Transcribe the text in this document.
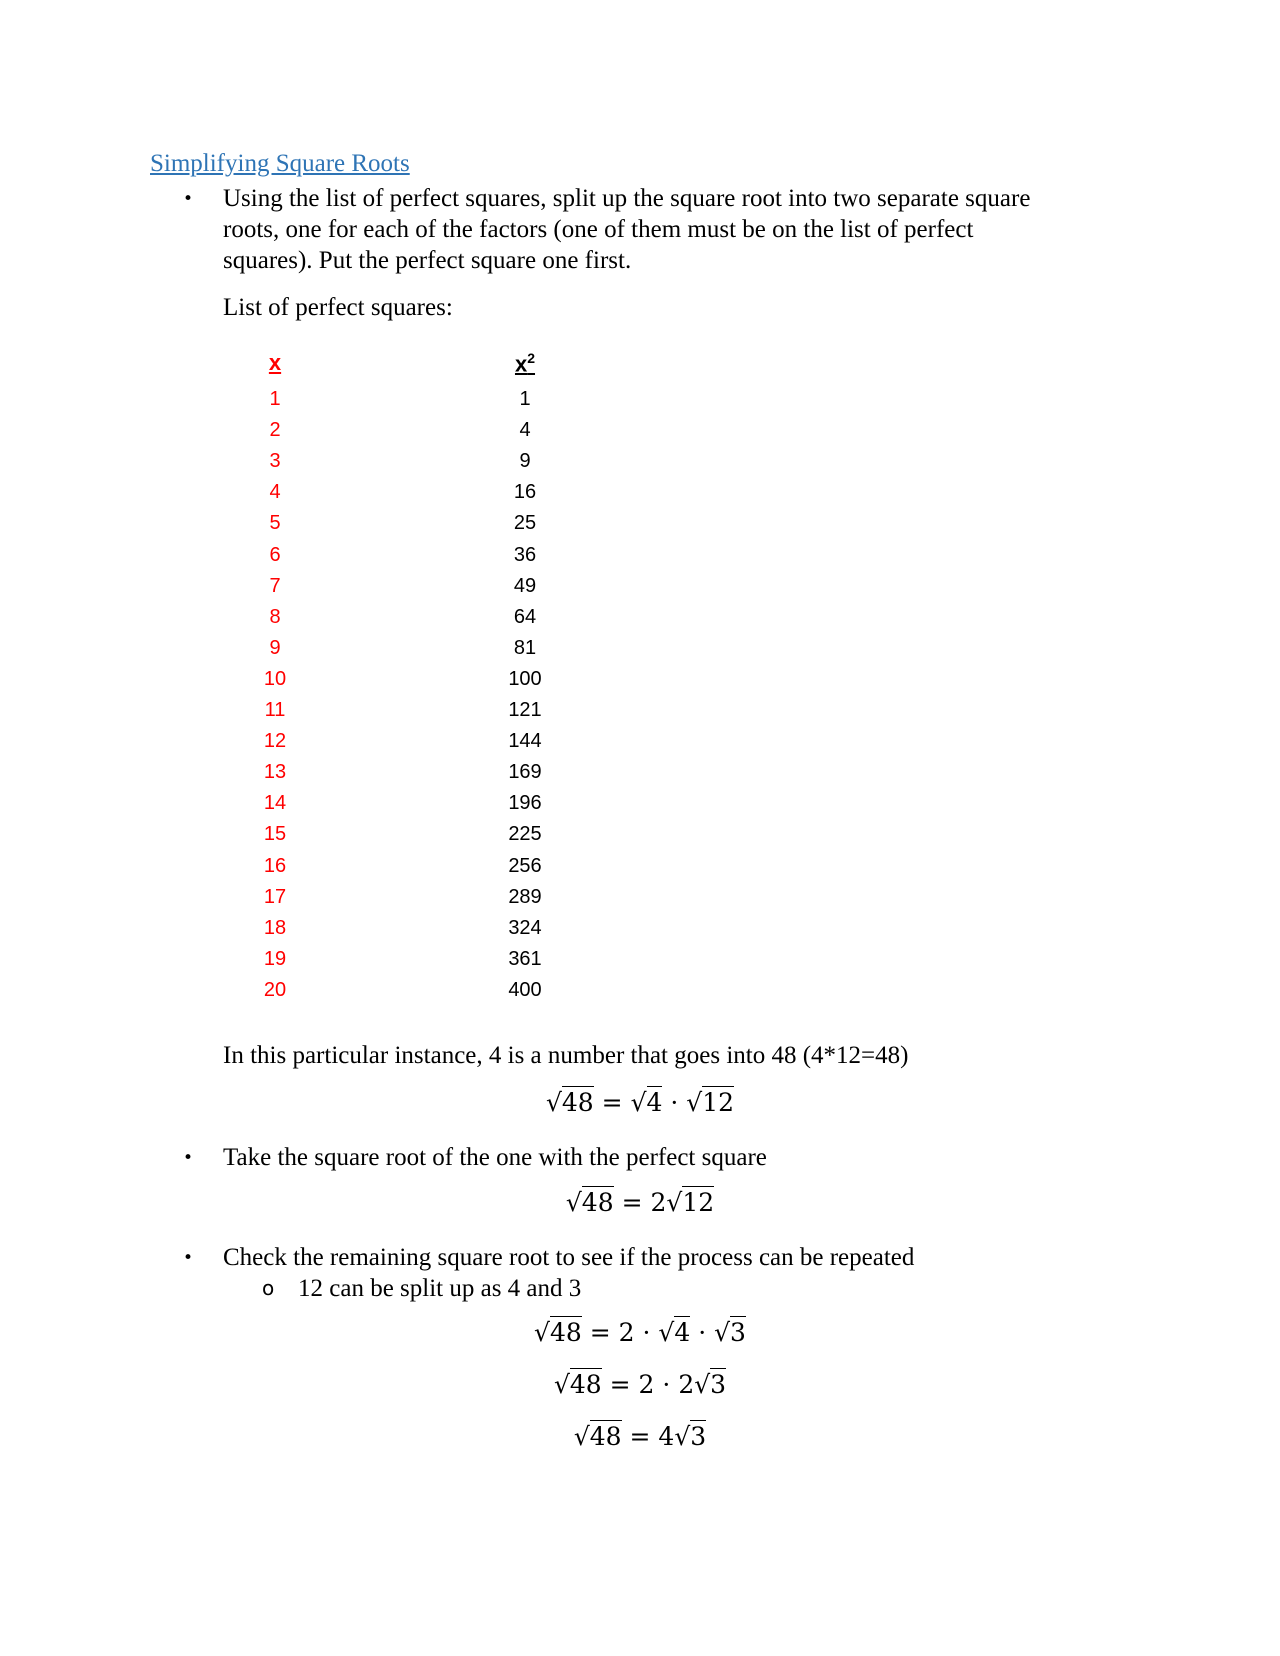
Simplifying Square Roots
• Using the list of perfect squares, split up the square root into two separate square
roots, one for each of the factors (one of them must be on the list of perfect
squares). Put the perfect square one first.
List of perfect squares:
x	$x^2$
1	1
2	4
3	9
4	16
5	25
6	36
7	49
8	64
9	81
10	100
11	121
12	144
13	169
14	196
15	225
16	256
17	289
18	324
19	361
20	400
In this particular instance, 4 is a number that goes into 48 (4*12=48)
√48 = √4 · √12
• Take the square root of the one with the perfect square
√48 = 2√12
• Check the remaining square root to see if the process can be repeated
o 12 can be split up as 4 and 3
√48 = 2 · √4 · √3
√48 = 2 · 2√3
√48 = 4√3
